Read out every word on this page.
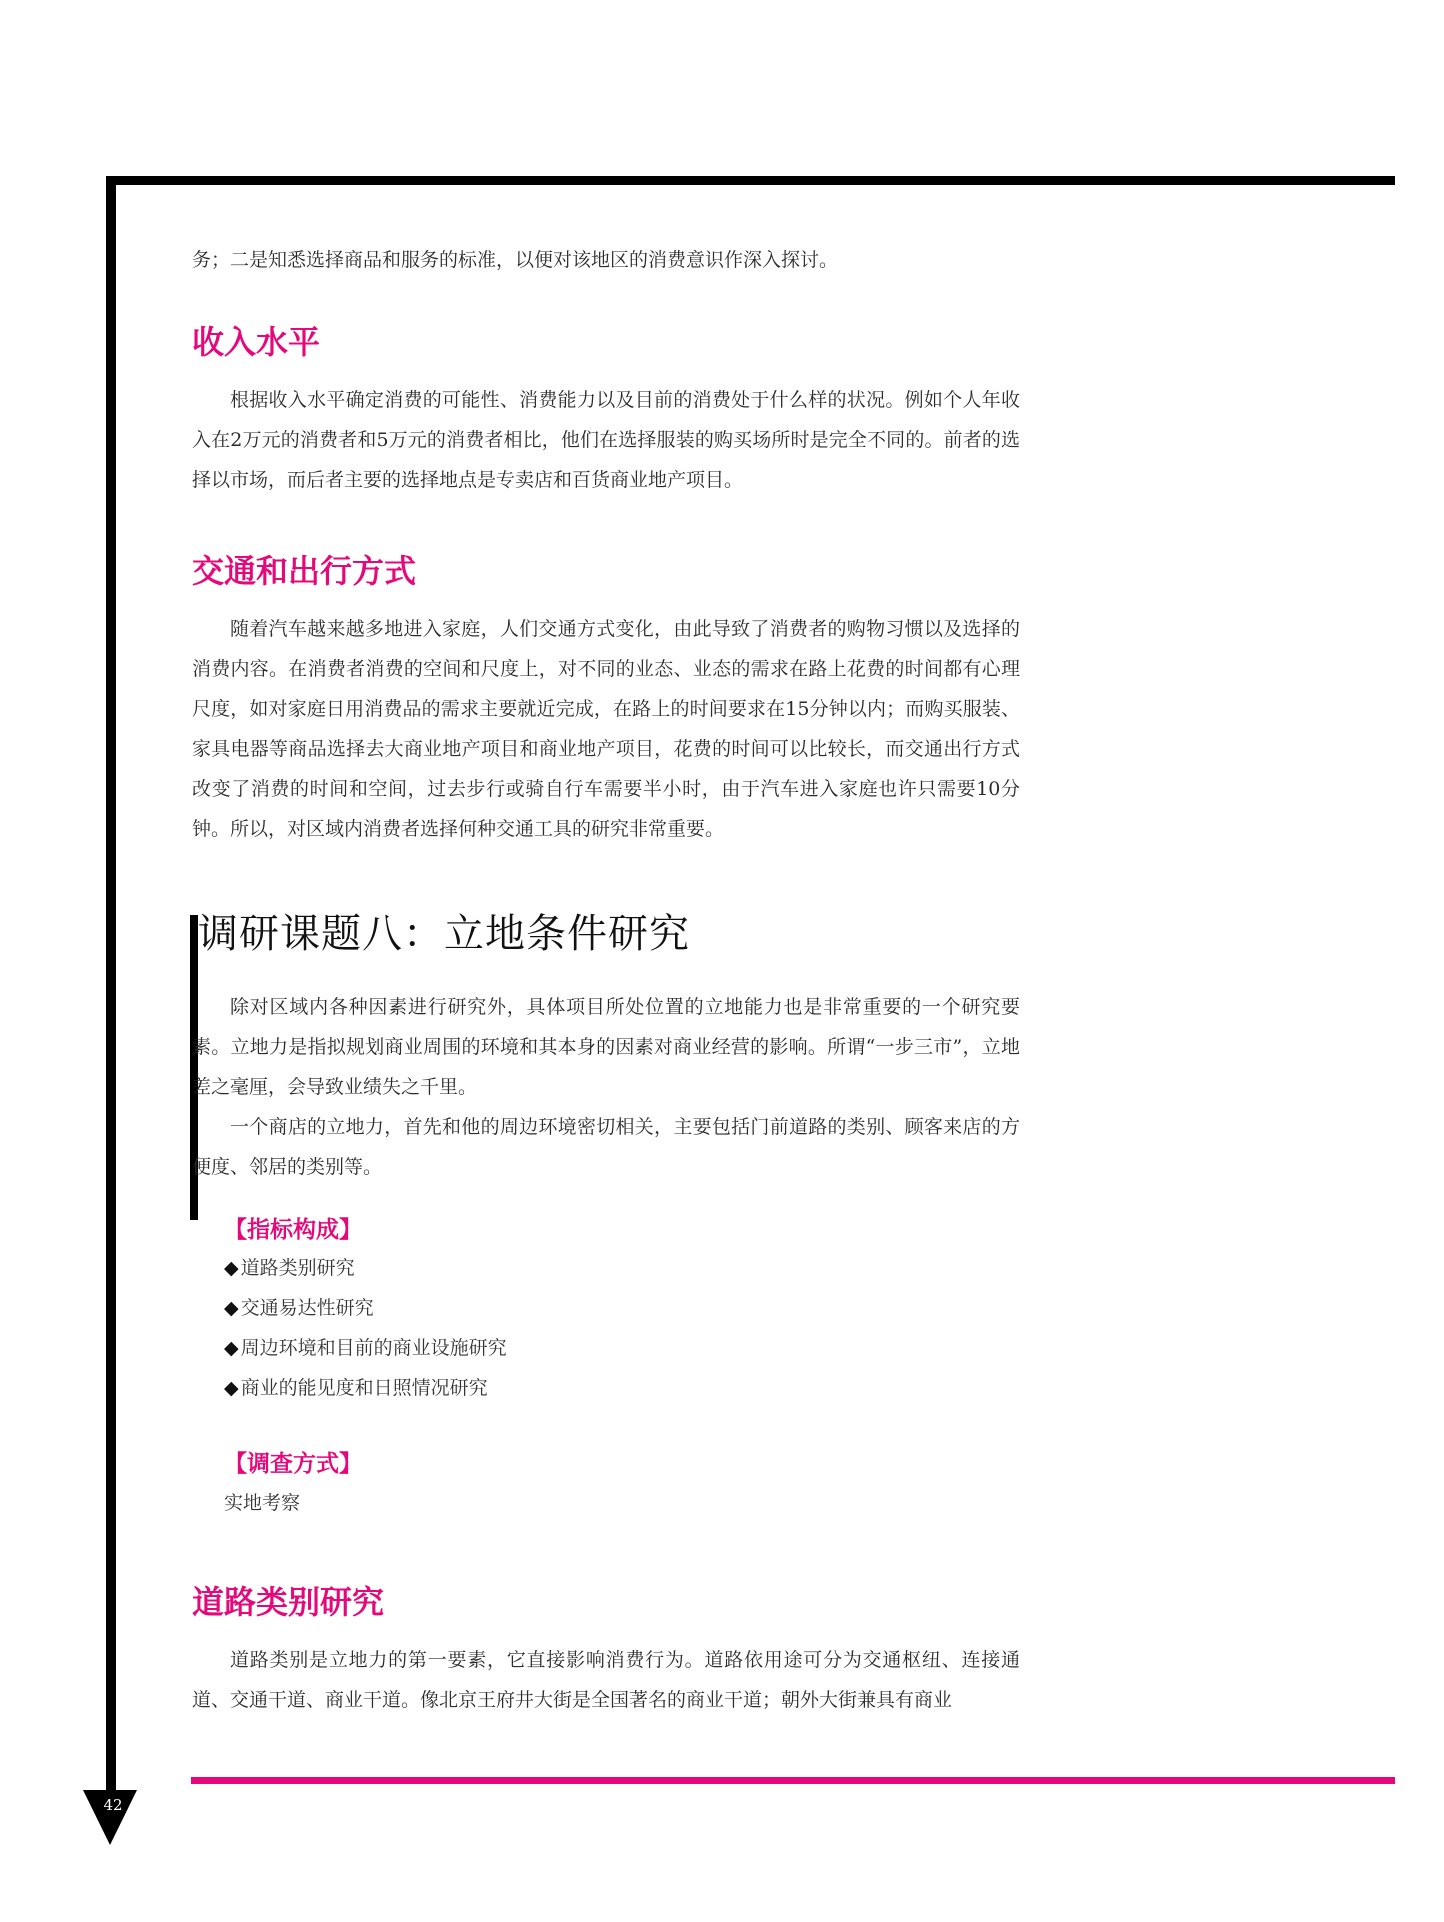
42

务；二是知悉选择商品和服务的标准，以便对该地区的消费意识作深入探讨。

收入水平

根据收入水平确定消费的可能性、消费能力以及目前的消费处于什么样的状况。例如个人年收入在2万元的消费者和5万元的消费者相比，他们在选择服装的购买场所时是完全不同的。前者的选择以市场，而后者主要的选择地点是专卖店和百货商业地产项目。

交通和出行方式

随着汽车越来越多地进入家庭，人们交通方式变化，由此导致了消费者的购物习惯以及选择的消费内容。在消费者消费的空间和尺度上，对不同的业态、业态的需求在路上花费的时间都有心理尺度，如对家庭日用消费品的需求主要就近完成，在路上的时间要求在15分钟以内；而购买服装、家具电器等商品选择去大商业地产项目和商业地产项目，花费的时间可以比较长，而交通出行方式改变了消费的时间和空间，过去步行或骑自行车需要半小时，由于汽车进入家庭也许只需要10分钟。所以，对区域内消费者选择何种交通工具的研究非常重要。

调研课题八：立地条件研究

除对区域内各种因素进行研究外，具体项目所处位置的立地能力也是非常重要的一个研究要素。立地力是指拟规划商业周围的环境和其本身的因素对商业经营的影响。所谓“一步三市”，立地差之毫厘，会导致业绩失之千里。

一个商店的立地力，首先和他的周边环境密切相关，主要包括门前道路的类别、顾客来店的方便度、邻居的类别等。

【指标构成】
◆ 道路类别研究
◆ 交通易达性研究
◆ 周边环境和目前的商业设施研究
◆ 商业的能见度和日照情况研究
【调查方式】

实地考察

道路类别研究

道路类别是立地力的第一要素，它直接影响消费行为。道路依用途可分为交通枢纽、连接通道、交通干道、商业干道。像北京王府井大街是全国著名的商业干道；朝外大街兼具有商业
